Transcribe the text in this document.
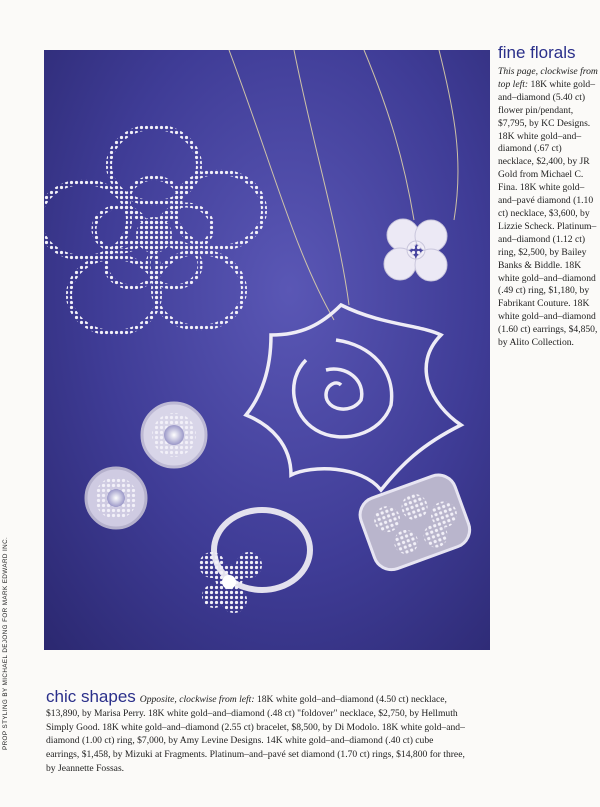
PROP STYLING BY MICHAEL DEJONG FOR MARK EDWARD INC.
fine florals

This page, clockwise from top left: 18K white gold–and–diamond (5.40 ct) flower pin/pendant, $7,795, by KC Designs. 18K white gold–and–diamond (.67 ct) necklace, $2,400, by JR Gold from Michael C. Fina. 18K white gold–and–pavé diamond (1.10 ct) necklace, $3,600, by Lizzie Scheck. Platinum–and–diamond (1.12 ct) ring, $2,500, by Bailey Banks & Biddle. 18K white gold–and–diamond (.49 ct) ring, $1,180, by Fabrikant Couture. 18K white gold–and–diamond (1.60 ct) earrings, $4,850, by Alito Collection.

chic shapes Opposite, clockwise from left: 18K white gold–and–diamond (4.50 ct) necklace, $13,890, by Marisa Perry. 18K white gold–and–diamond (.48 ct) "foldover" necklace, $2,750, by Hellmuth Simply Good. 18K white gold–and–diamond (2.55 ct) bracelet, $8,500, by Di Modolo. 18K white gold–and–diamond (1.00 ct) ring, $7,000, by Amy Levine Designs. 14K white gold–and–diamond (.40 ct) cube earrings, $1,458, by Mizuki at Fragments. Platinum–and–pavé set diamond (1.70 ct) rings, $14,800 for three, by Jeannette Fossas.
